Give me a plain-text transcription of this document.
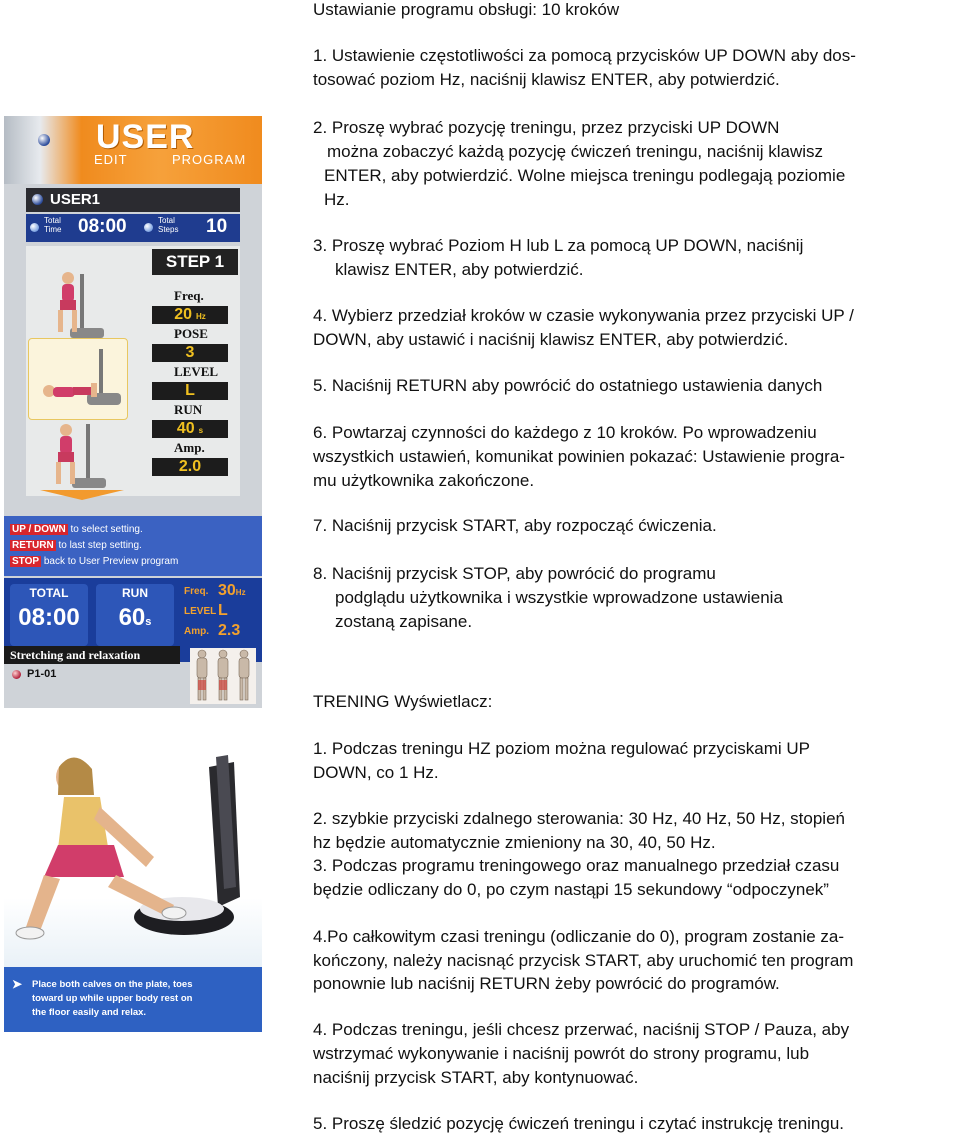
USER
EDIT	PROGRAM
USER1
Total
Time 08:00	Total
Steps 10
STEP 1
Freq.
20 Hz
POSE
3
LEVEL
L
RUN
40 s
Amp.
2.0
UP / DOWN to select setting.
RETURN to last step setting.
STOP back to User Preview program
TOTAL
08:00
RUN
60s
Freq. 30Hz
LEVEL L
Amp. 2.3
Stretching and relaxation
P1-01
➤ Place both calves on the plate, toes
toward up while upper body rest on
the floor easily and relax.

Ustawianie programu obsługi: 10 kroków

1. Ustawienie częstotliwości za pomocą przycisków UP DOWN aby dos-

tosować poziom Hz, naciśnij klawisz ENTER, aby potwierdzić.

2. Proszę wybrać pozycję treningu, przez przyciski UP DOWN

można zobaczyć każdą pozycję ćwiczeń treningu, naciśnij klawisz

ENTER, aby potwierdzić. Wolne miejsca treningu podlegają poziomie

Hz.

3. Proszę wybrać Poziom H lub L za pomocą UP DOWN, naciśnij

klawisz ENTER, aby potwierdzić.

4. Wybierz przedział kroków w czasie wykonywania przez przyciski UP /

DOWN, aby ustawić i naciśnij klawisz ENTER, aby potwierdzić.

5. Naciśnij RETURN aby powrócić do ostatniego ustawienia danych

6. Powtarzaj czynności do każdego z 10 kroków. Po wprowadzeniu

wszystkich ustawień, komunikat powinien pokazać: Ustawienie progra-

mu użytkownika zakończone.

7. Naciśnij przycisk START, aby rozpocząć ćwiczenia.

8. Naciśnij przycisk STOP, aby powrócić do programu

podglądu użytkownika i wszystkie wprowadzone ustawienia

zostaną zapisane.

TRENING Wyświetlacz:

1. Podczas treningu HZ poziom można regulować przyciskami UP

DOWN, co 1 Hz.

2. szybkie przyciski zdalnego sterowania: 30 Hz, 40 Hz, 50 Hz, stopień

hz będzie automatycznie zmieniony na 30, 40, 50 Hz.

3. Podczas programu treningowego oraz manualnego przedział czasu

będzie odliczany do 0, po czym nastąpi 15 sekundowy “odpoczynek”

4.Po całkowitym czasi treningu (odliczanie do 0), program zostanie za-

kończony, należy nacisnąć przycisk START, aby uruchomić ten program

ponownie lub naciśnij RETURN żeby powrócić do programów.

4. Podczas treningu, jeśli chcesz przerwać, naciśnij STOP / Pauza, aby

wstrzymać wykonywanie i naciśnij powrót do strony programu, lub

naciśnij przycisk START, aby kontynuować.

5. Proszę śledzić pozycję ćwiczeń treningu i czytać instrukcję treningu.
